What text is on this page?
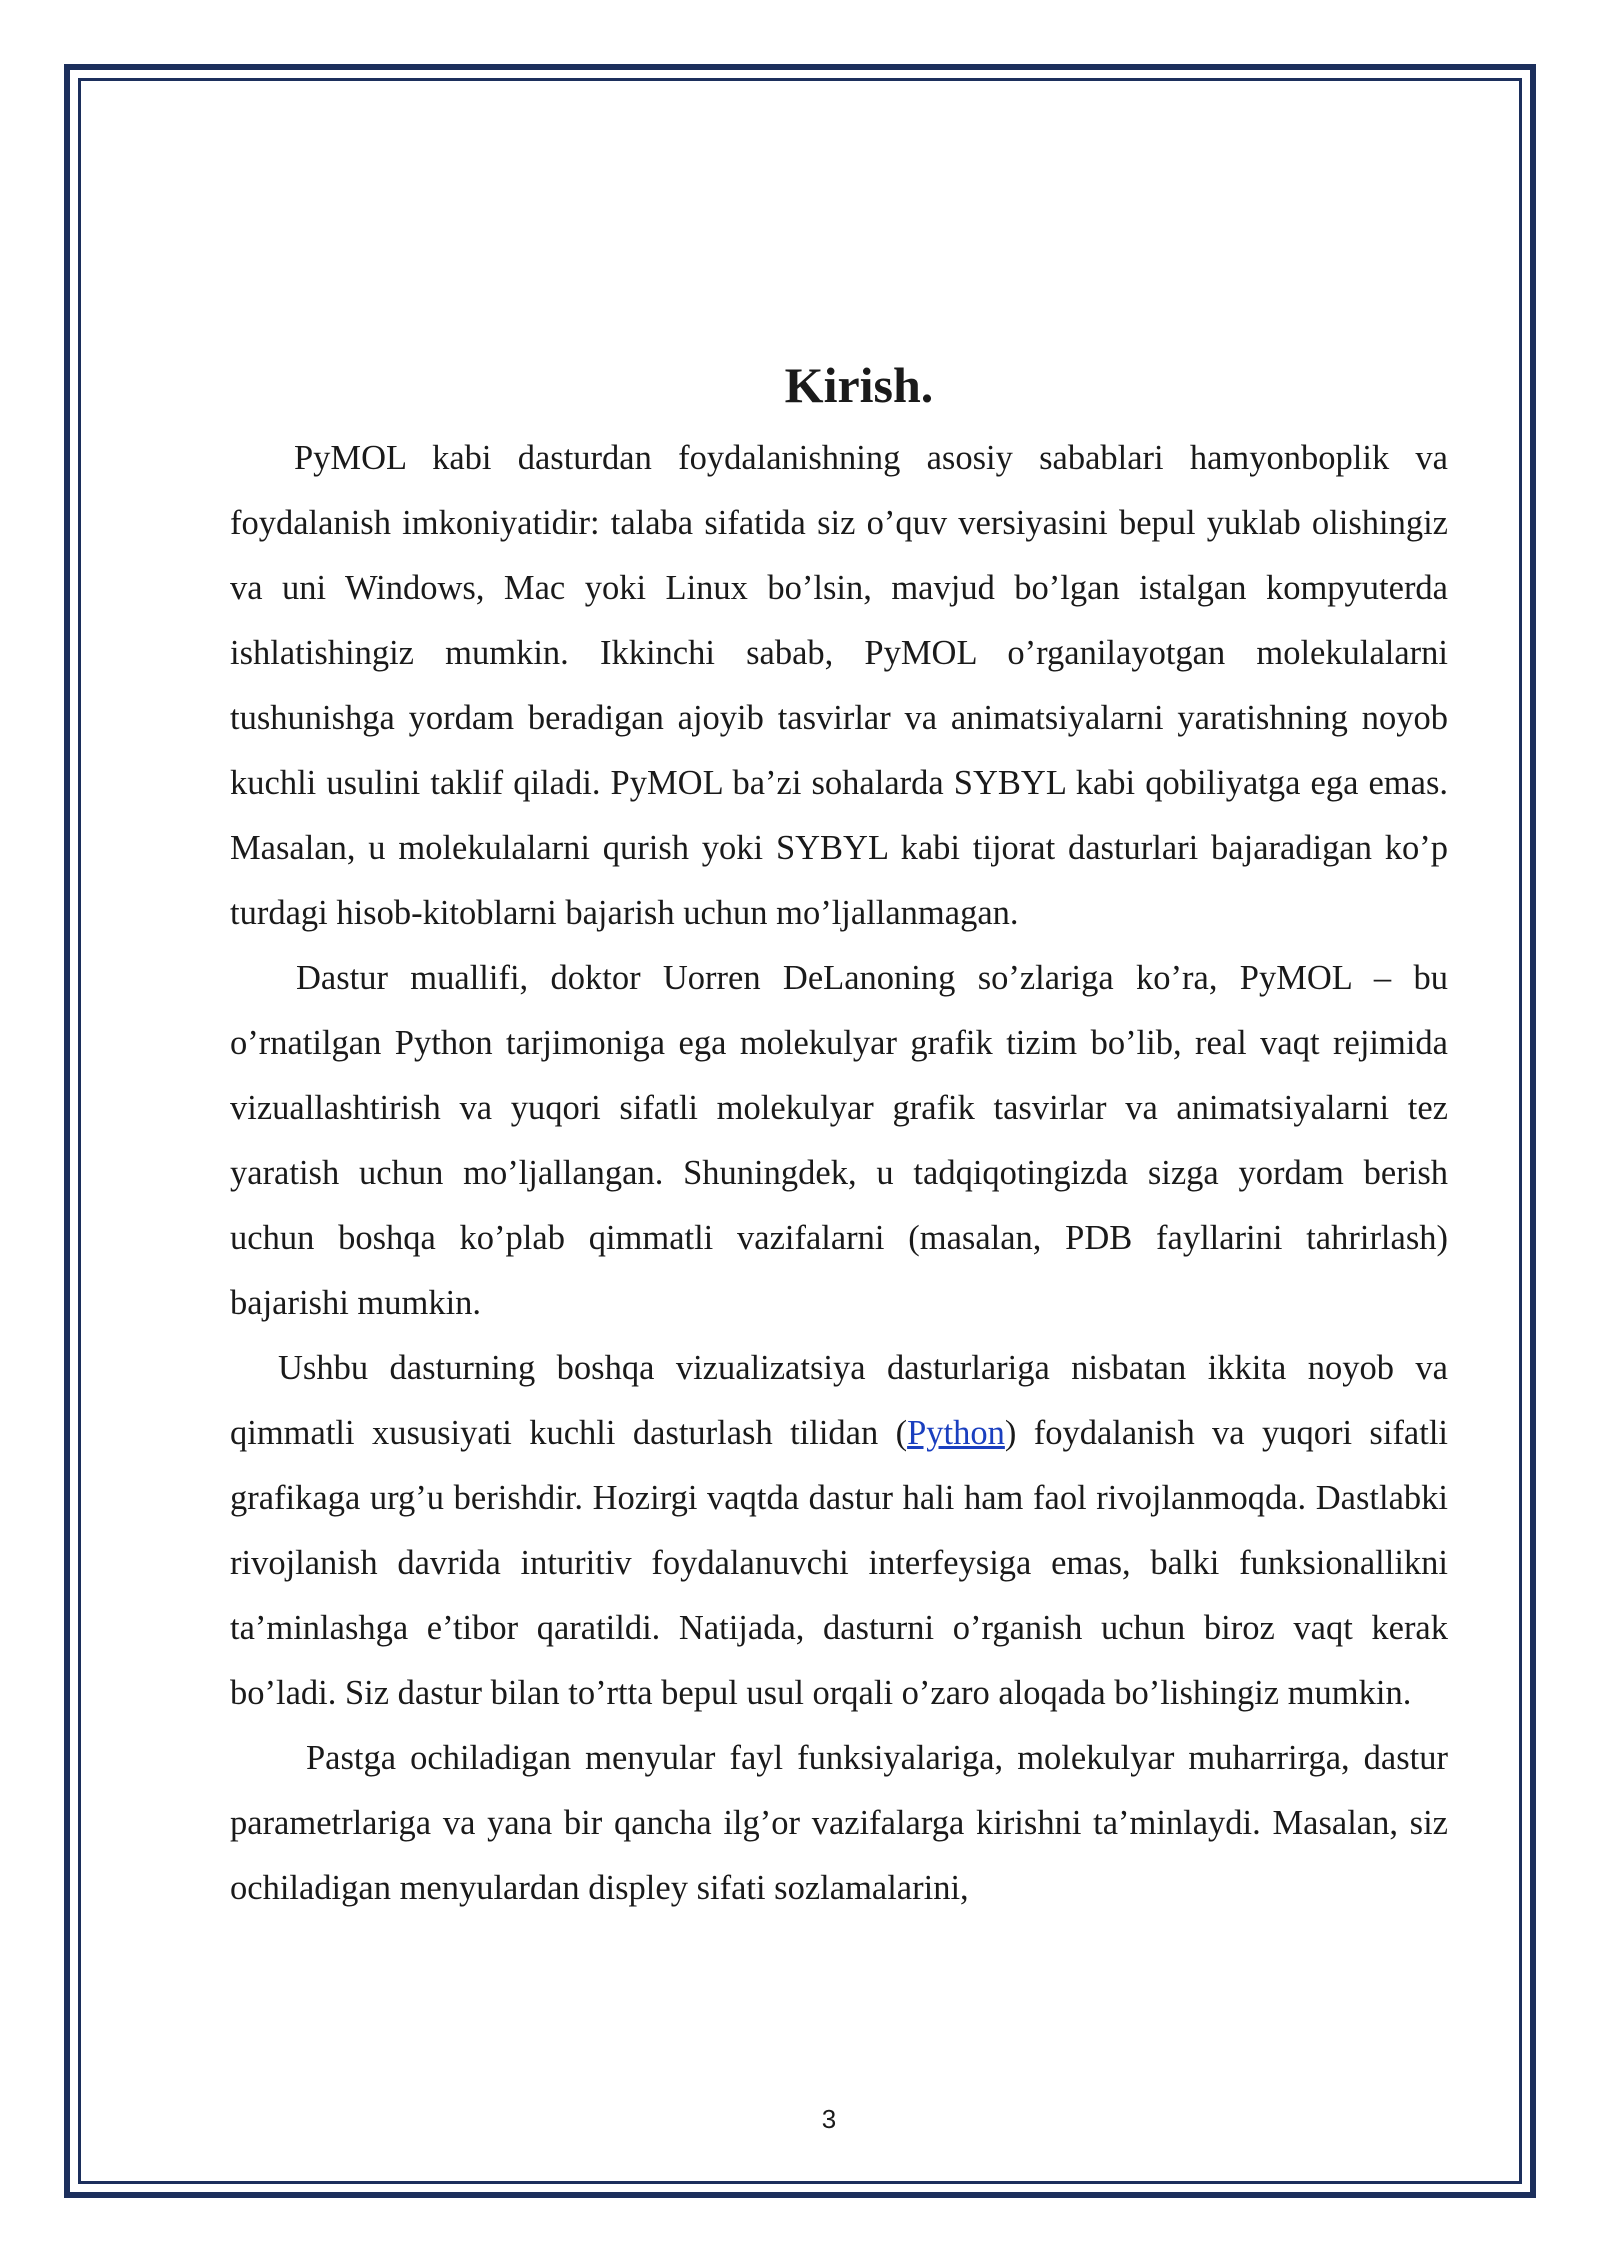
Kirish.

PyMOL kabi dasturdan foydalanishning asosiy sabablari hamyonboplik va foydalanish imkoniyatidir: talaba sifatida siz o’quv versiyasini bepul yuklab olishingiz va uni Windows, Mac yoki Linux bo’lsin, mavjud bo’lgan istalgan kompyuterda ishlatishingiz mumkin. Ikkinchi sabab, PyMOL o’rganilayotgan molekulalarni tushunishga yordam beradigan ajoyib tasvirlar va animatsiyalarni yaratishning noyob kuchli usulini taklif qiladi. PyMOL ba’zi sohalarda SYBYL kabi qobiliyatga ega emas. Masalan, u molekulalarni qurish yoki SYBYL kabi tijorat dasturlari bajaradigan ko’p turdagi hisob-kitoblarni bajarish uchun mo’ljallanmagan.

Dastur muallifi, doktor Uorren DeLanoning so’zlariga ko’ra, PyMOL – bu o’rnatilgan Python tarjimoniga ega molekulyar grafik tizim bo’lib, real vaqt rejimida vizuallashtirish va yuqori sifatli molekulyar grafik tasvirlar va animatsiyalarni tez yaratish uchun mo’ljallangan. Shuningdek, u tadqiqotingizda sizga yordam berish uchun boshqa ko’plab qimmatli vazifalarni (masalan, PDB fayllarini tahrirlash) bajarishi mumkin.

Ushbu dasturning boshqa vizualizatsiya dasturlariga nisbatan ikkita noyob va qimmatli xususiyati kuchli dasturlash tilidan (Python) foydalanish va yuqori sifatli grafikaga urg’u berishdir. Hozirgi vaqtda dastur hali ham faol rivojlanmoqda. Dastlabki rivojlanish davrida inturitiv foydalanuvchi interfeysiga emas, balki funksionallikni ta’minlashga e’tibor qaratildi. Natijada, dasturni o’rganish uchun biroz vaqt kerak bo’ladi. Siz dastur bilan to’rtta bepul usul orqali o’zaro aloqada bo’lishingiz mumkin.

Pastga ochiladigan menyular fayl funksiyalariga, molekulyar muharrirga, dastur parametrlariga va yana bir qancha ilg’or vazifalarga kirishni ta’minlaydi. Masalan, siz ochiladigan menyulardan displey sifati sozlamalarini,

3
